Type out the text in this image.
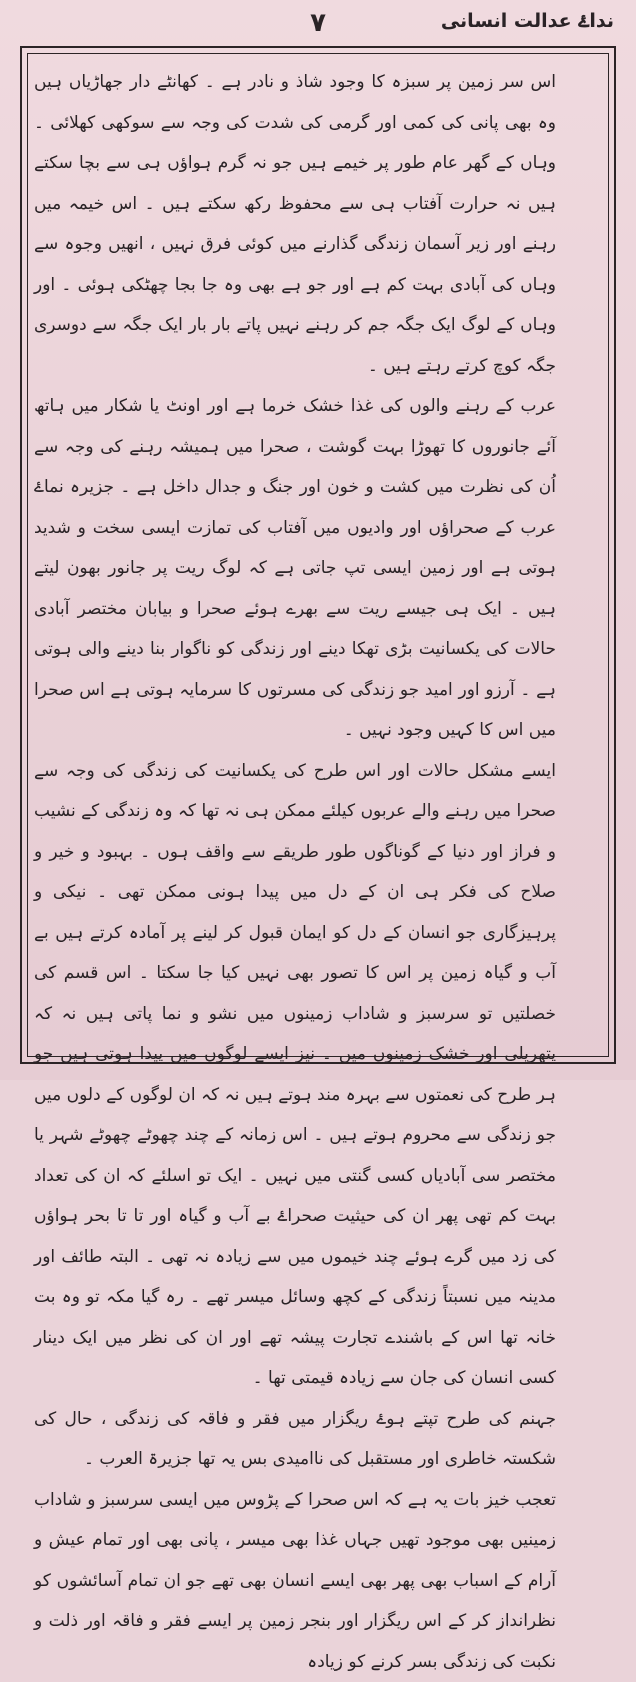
نداۓ عدالت انسانی
۷

اس سر زمین پر سبزہ کا وجود شاذ و نادر ہے ۔ کھانٹے دار جھاڑیاں ہیں وہ بھی پانی کی کمی اور گرمی کی شدت کی وجہ سے سوکھی کھلائی ۔ وہاں کے گھر عام طور پر خیمے ہیں جو نہ گرم ہواؤں ہی سے بچا سکتے ہیں نہ حرارت آفتاب ہی سے محفوظ رکھ سکتے ہیں ۔ اس خیمہ میں رہنے اور زیر آسمان زندگی گذارنے میں کوئی فرق نہیں ، انھیں وجوہ سے وہاں کی آبادی بہت کم ہے اور جو ہے بھی وہ جا بجا چھٹکی ہوئی ۔ اور وہاں کے لوگ ایک جگہ جم کر رہنے نہیں پاتے بار بار ایک جگہ سے دوسری جگہ کوچ کرتے رہتے ہیں ۔

عرب کے رہنے والوں کی غذا خشک خرما ہے اور اونٹ یا شکار میں ہاتھ آئے جانوروں کا تھوڑا بہت گوشت ، صحرا میں ہمیشہ رہنے کی وجہ سے اُن کی نظرت میں کشت و خون اور جنگ و جدال داخل ہے ۔ جزیرہ نماۓ عرب کے صحراؤں اور وادیوں میں آفتاب کی تمازت ایسی سخت و شدید ہوتی ہے اور زمین ایسی تپ جاتی ہے کہ لوگ ریت پر جانور بھون لیتے ہیں ۔ ایک ہی جیسے ریت سے بھرے ہوئے صحرا و بیابان مختصر آبادی حالات کی یکسانیت بڑی تھکا دینے اور زندگی کو ناگوار بنا دینے والی ہوتی ہے ۔ آرزو اور امید جو زندگی کی مسرتوں کا سرمایہ ہوتی ہے اس صحرا میں اس کا کہیں وجود نہیں ۔

ایسے مشکل حالات اور اس طرح کی یکسانیت کی زندگی کی وجہ سے صحرا میں رہنے والے عربوں کیلئے ممکن ہی نہ تھا کہ وہ زندگی کے نشیب و فراز اور دنیا کے گوناگوں طور طریقے سے واقف ہوں ۔ بہبود و خیر و صلاح کی فکر ہی ان کے دل میں پیدا ہونی ممکن تھی ۔ نیکی و پرہیزگاری جو انسان کے دل کو ایمان قبول کر لینے پر آمادہ کرتے ہیں بے آب و گیاہ زمین پر اس کا تصور بھی نہیں کیا جا سکتا ۔ اس قسم کی خصلتیں تو سرسبز و شاداب زمینوں میں نشو و نما پاتی ہیں نہ کہ پتھریلی اور خشک زمینوں میں ۔ نیز ایسے لوگوں میں پیدا ہوتی ہیں جو ہر طرح کی نعمتوں سے بہرہ مند ہوتے ہیں نہ کہ ان لوگوں کے دلوں میں جو زندگی سے محروم ہوتے ہیں ۔ اس زمانہ کے چند چھوٹے چھوٹے شہر یا مختصر سی آبادیاں کسی گنتی میں نہیں ۔ ایک تو اسلئے کہ ان کی تعداد بہت کم تھی پھر ان کی حیثیت صحراۓ بے آب و گیاہ اور تا تا بحر ہواؤں کی زد میں گرے ہوئے چند خیموں میں سے زیادہ نہ تھی ۔ البتہ طائف اور مدینہ میں نسبتاً زندگی کے کچھ وسائل میسر تھے ۔ رہ گیا مکہ تو وہ بت خانہ تھا اس کے باشندے تجارت پیشہ تھے اور ان کی نظر میں ایک دینار کسی انسان کی جان سے زیادہ قیمتی تھا ۔

جہنم کی طرح تپتے ہوۓ ریگزار میں فقر و فاقہ کی زندگی ، حال کی شکستہ خاطری اور مستقبل کی ناامیدی بس یہ تھا جزیرۃ العرب ۔

تعجب خیز بات یہ ہے کہ اس صحرا کے پڑوس میں ایسی سرسبز و شاداب زمینیں بھی موجود تھیں جہاں غذا بھی میسر ، پانی بھی اور تمام عیش و آرام کے اسباب بھی پھر بھی ایسے انسان بھی تھے جو ان تمام آسائشوں کو نظرانداز کر کے اس ریگزار اور بنجر زمین پر ایسے فقر و فاقہ اور ذلت و نکبت کی زندگی بسر کرنے کو زیادہ
